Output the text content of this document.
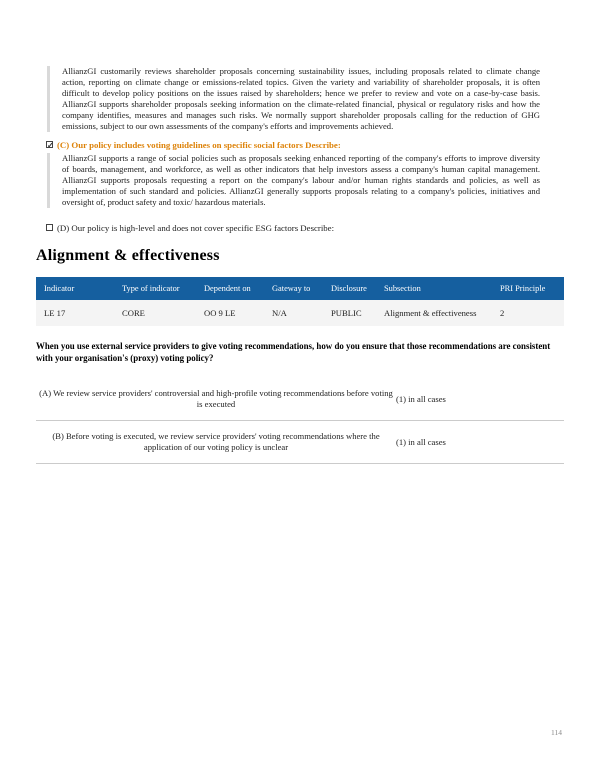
AllianzGI customarily reviews shareholder proposals concerning sustainability issues, including proposals related to climate change action, reporting on climate change or emissions-related topics. Given the variety and variability of shareholder proposals, it is often difficult to develop policy positions on the issues raised by shareholders; hence we prefer to review and vote on a case-by-case basis. AllianzGI supports shareholder proposals seeking information on the climate-related financial, physical or regulatory risks and how the company identifies, measures and manages such risks. We normally support shareholder proposals calling for the reduction of GHG emissions, subject to our own assessments of the company's efforts and improvements achieved.
✓
(C) Our policy includes voting guidelines on specific social factors Describe:
AllianzGI supports a range of social policies such as proposals seeking enhanced reporting of the company's efforts to improve diversity of boards, management, and workforce, as well as other indicators that help investors assess a company's human capital management. AllianzGI supports proposals requesting a report on the company's labour and/or human rights standards and policies, as well as implementation of such standard and policies. AllianzGI generally supports proposals relating to a company's policies, initiatives and oversight of, product safety and toxic/ hazardous materials.
(D) Our policy is high-level and does not cover specific ESG factors Describe:
Alignment & effectiveness
Indicator	Type of indicator	Dependent on	Gateway to	Disclosure	Subsection	PRI Principle
LE 17	CORE	OO 9 LE	N/A	PUBLIC	Alignment & effectiveness	2
When you use external service providers to give voting recommendations, how do you ensure that those recommendations are consistent with your organisation's (proxy) voting policy?
(A) We review service providers' controversial and high-profile voting recommendations before voting is executed	(1) in all cases
(B) Before voting is executed, we review service providers' voting recommendations where the application of our voting policy is unclear	(1) in all cases
114
